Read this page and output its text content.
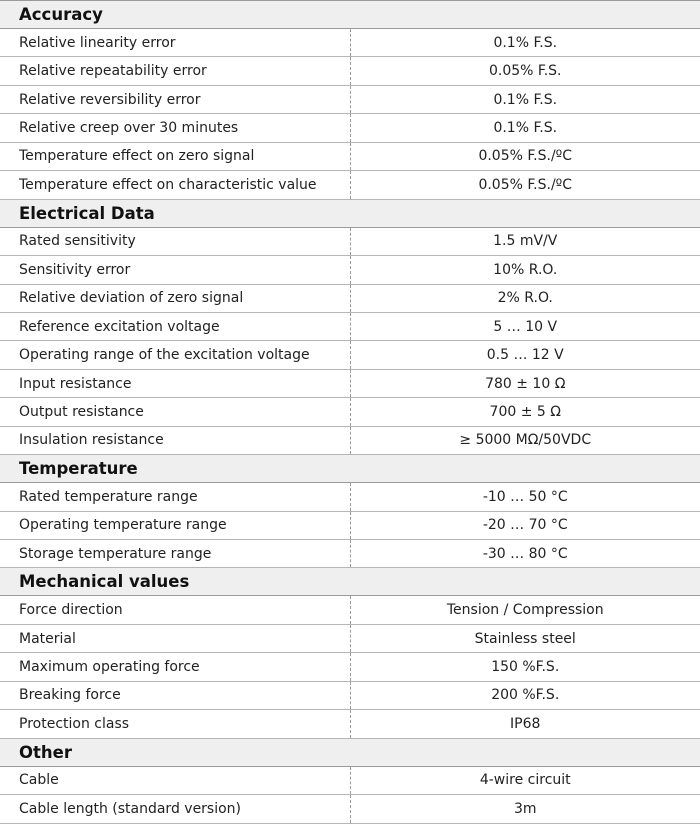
Accuracy	
Relative linearity error	0.1% F.S.
Relative repeatability error	0.05% F.S.
Relative reversibility error	0.1% F.S.
Relative creep over 30 minutes	0.1% F.S.
Temperature effect on zero signal	0.05% F.S./ºC
Temperature effect on characteristic value	0.05% F.S./ºC
Electrical Data	
Rated sensitivity	1.5 mV/V
Sensitivity error	10% R.O.
Relative deviation of zero signal	2% R.O.
Reference excitation voltage	5 … 10 V
Operating range of the excitation voltage	0.5 … 12 V
Input resistance	780 ± 10 Ω
Output resistance	700 ± 5 Ω
Insulation resistance	≥ 5000 MΩ/50VDC
Temperature	
Rated temperature range	-10 … 50 °C
Operating temperature range	-20 … 70 °C
Storage temperature range	-30 … 80 °C
Mechanical values	
Force direction	Tension / Compression
Material	Stainless steel
Maximum operating force	150 %F.S.
Breaking force	200 %F.S.
Protection class	IP68
Other	
Cable	4-wire circuit
Cable length (standard version)	3m
